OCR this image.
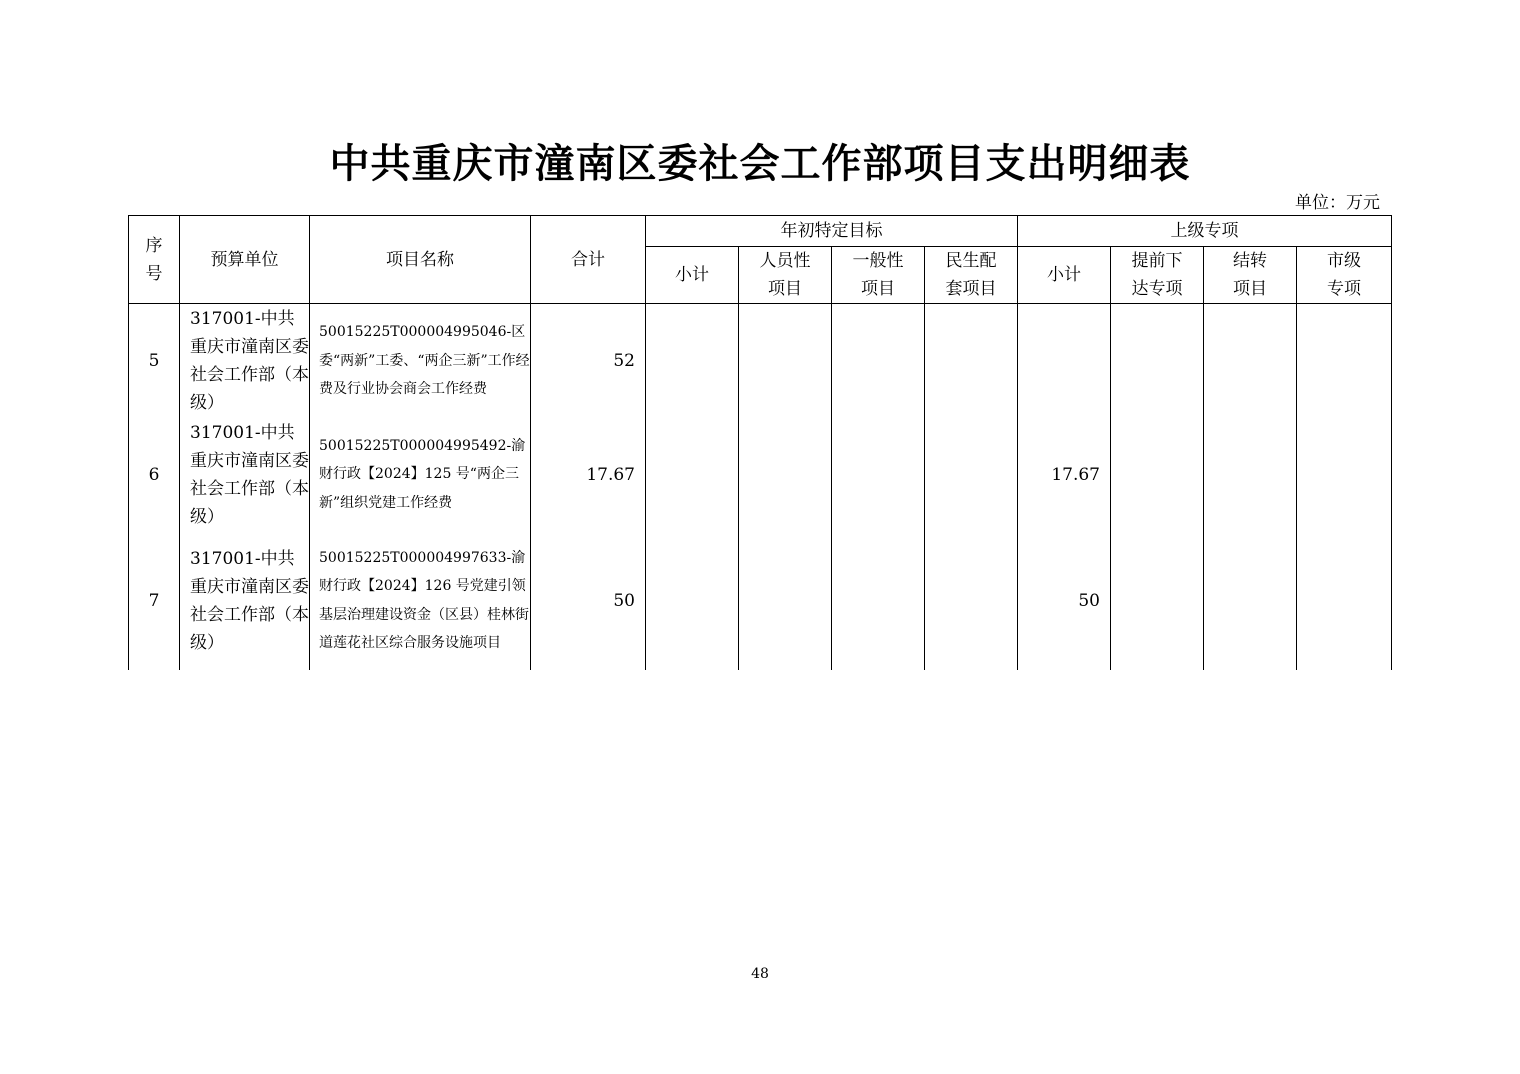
中共重庆市潼南区委社会工作部项目支出明细表
单位：万元
序号	预算单位	项目名称	合计	年初特定目标				上级专项			
				小计	人员性项目	一般性项目	民生配套项目	小计	提前下达专项	结转项目	市级专项
5	317001-中共重庆市潼南区委社会工作部（本级）	50015225T000004995046-区委“两新”工委、“两企三新”工作经费及行业协会商会工作经费	52								
6	317001-中共重庆市潼南区委社会工作部（本级）	50015225T000004995492-渝财行政【2024】125 号“两企三新”组织党建工作经费	17.67					17.67			
7	317001-中共重庆市潼南区委社会工作部（本级）	50015225T000004997633-渝财行政【2024】126 号党建引领基层治理建设资金（区县）桂林街道莲花社区综合服务设施项目	50					50			
48
